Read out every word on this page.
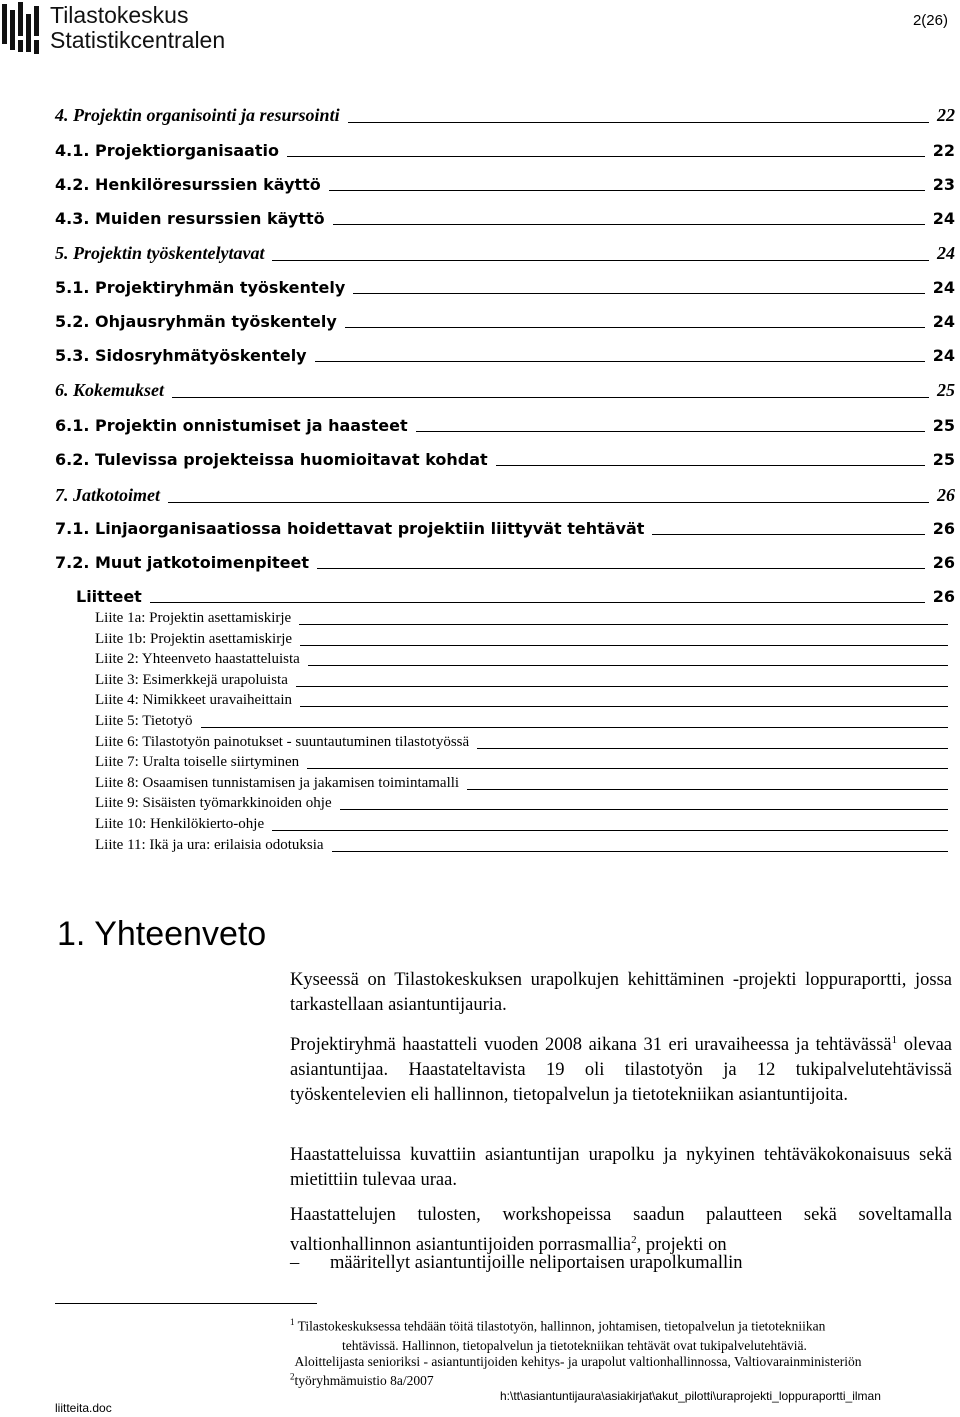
Tilastokeskus
Statistikcentralen
2(26)
4. Projektin organisointi ja resursointi	22
4.1. Projektiorganisaatio	22
4.2. Henkilöresurssien käyttö	23
4.3. Muiden resurssien käyttö	24
5. Projektin työskentelytavat	24
5.1. Projektiryhmän työskentely	24
5.2. Ohjausryhmän työskentely	24
5.3. Sidosryhmätyöskentely	24
6. Kokemukset	25
6.1. Projektin onnistumiset ja haasteet	25
6.2. Tulevissa projekteissa huomioitavat kohdat	25
7. Jatkotoimet	26
7.1. Linjaorganisaatiossa hoidettavat projektiin liittyvät tehtävät	26
7.2. Muut jatkotoimenpiteet	26
Liitteet	26
Liite 1a: Projektin asettamiskirje
Liite 1b: Projektin asettamiskirje
Liite 2: Yhteenveto haastatteluista
Liite 3: Esimerkkejä urapoluista
Liite 4: Nimikkeet uravaiheittain
Liite 5: Tietotyö
Liite 6: Tilastotyön painotukset - suuntautuminen tilastotyössä
Liite 7: Uralta toiselle siirtyminen
Liite 8: Osaamisen tunnistamisen ja jakamisen toimintamalli
Liite 9: Sisäisten työmarkkinoiden ohje
Liite 10: Henkilökierto-ohje
Liite 11: Ikä ja ura: erilaisia odotuksia
1. Yhteenveto
Kyseessä on Tilastokeskuksen urapolkujen kehittäminen -projekti loppuraportti, jossa tarkastellaan asiantuntijauria.
Projektiryhmä haastatteli vuoden 2008 aikana 31 eri uravaiheessa ja tehtävässä$^1$ olevaa asiantuntijaa. Haastateltavista 19 oli tilastotyön ja 12 tukipalvelutehtävissä työskentelevien eli hallinnon, tietopalvelun ja tietotekniikan asiantuntijoita.
Haastatteluissa kuvattiin asiantuntijan urapolku ja nykyinen tehtäväkokonaisuus sekä mietittiin tulevaa uraa.
Haastattelujen tulosten, workshopeissa saadun palautteen sekä soveltamalla valtionhallinnon asiantuntijoiden porrasmallia$^2$, projekti on
– määritellyt asiantuntijoille neliportaisen urapolkumallin
$^1$ Tilastokeskuksessa tehdään töitä tilastotyön, hallinnon, johtamisen, tietopalvelun ja tietotekniikan
tehtävissä. Hallinnon, tietopalvelun ja tietotekniikan tehtävät ovat tukipalvelutehtäviä.
$^2$Aloittelijasta senioriksi - asiantuntijoiden kehitys- ja urapolut valtionhallinnossa, Valtiovarainministeriön työryhmämuistio 8a/2007
liitteita.doc
h:\tt\asiantuntijaura\asiakirjat\akut_pilotti\uraprojekti_loppuraportti_ilman
